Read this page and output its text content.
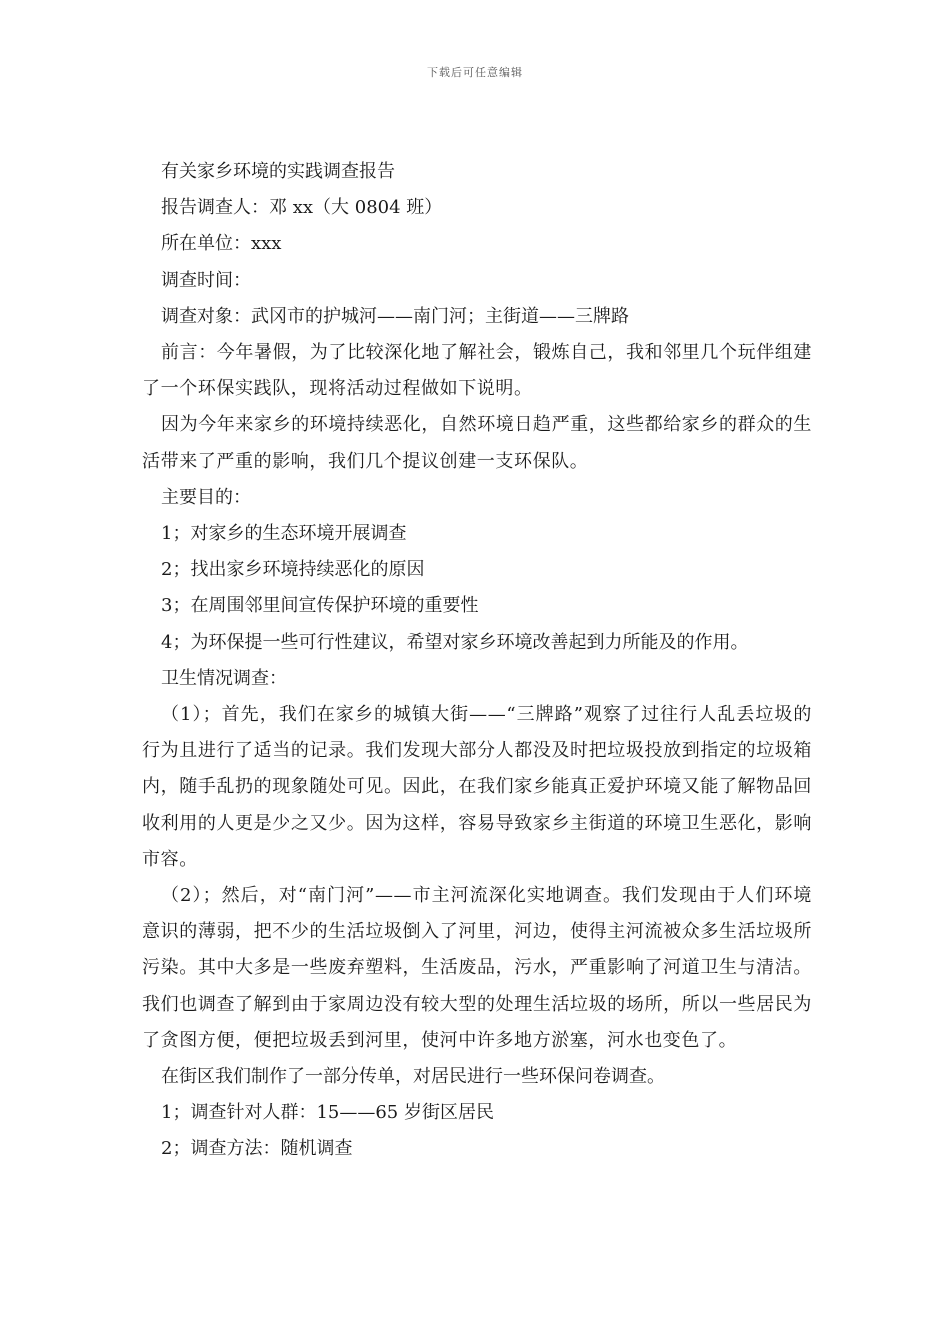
下载后可任意编辑

有关家乡环境的实践调查报告

报告调查人：邓 xx（大 0804 班）

所在单位：xxx

调查时间：

调查对象：武冈市的护城河——南门河；主街道——三牌路

前言：今年暑假，为了比较深化地了解社会，锻炼自己，我和邻里几个玩伴组建了一个环保实践队，现将活动过程做如下说明。

因为今年来家乡的环境持续恶化，自然环境日趋严重，这些都给家乡的群众的生活带来了严重的影响，我们几个提议创建一支环保队。

主要目的：

1；对家乡的生态环境开展调查

2；找出家乡环境持续恶化的原因

3；在周围邻里间宣传保护环境的重要性

4；为环保提一些可行性建议，希望对家乡环境改善起到力所能及的作用。

卫生情况调查：

（1）；首先，我们在家乡的城镇大街——“三牌路”观察了过往行人乱丢垃圾的行为且进行了适当的记录。我们发现大部分人都没及时把垃圾投放到指定的垃圾箱内，随手乱扔的现象随处可见。因此，在我们家乡能真正爱护环境又能了解物品回收利用的人更是少之又少。因为这样，容易导致家乡主街道的环境卫生恶化，影响市容。

（2）；然后，对“南门河”——市主河流深化实地调查。我们发现由于人们环境意识的薄弱，把不少的生活垃圾倒入了河里，河边，使得主河流被众多生活垃圾所污染。其中大多是一些废弃塑料，生活废品，污水，严重影响了河道卫生与清洁。我们也调查了解到由于家周边没有较大型的处理生活垃圾的场所，所以一些居民为了贪图方便，便把垃圾丢到河里，使河中许多地方淤塞，河水也变色了。

在街区我们制作了一部分传单，对居民进行一些环保问卷调查。

1；调查针对人群：15——65 岁街区居民

2；调查方法：随机调查
